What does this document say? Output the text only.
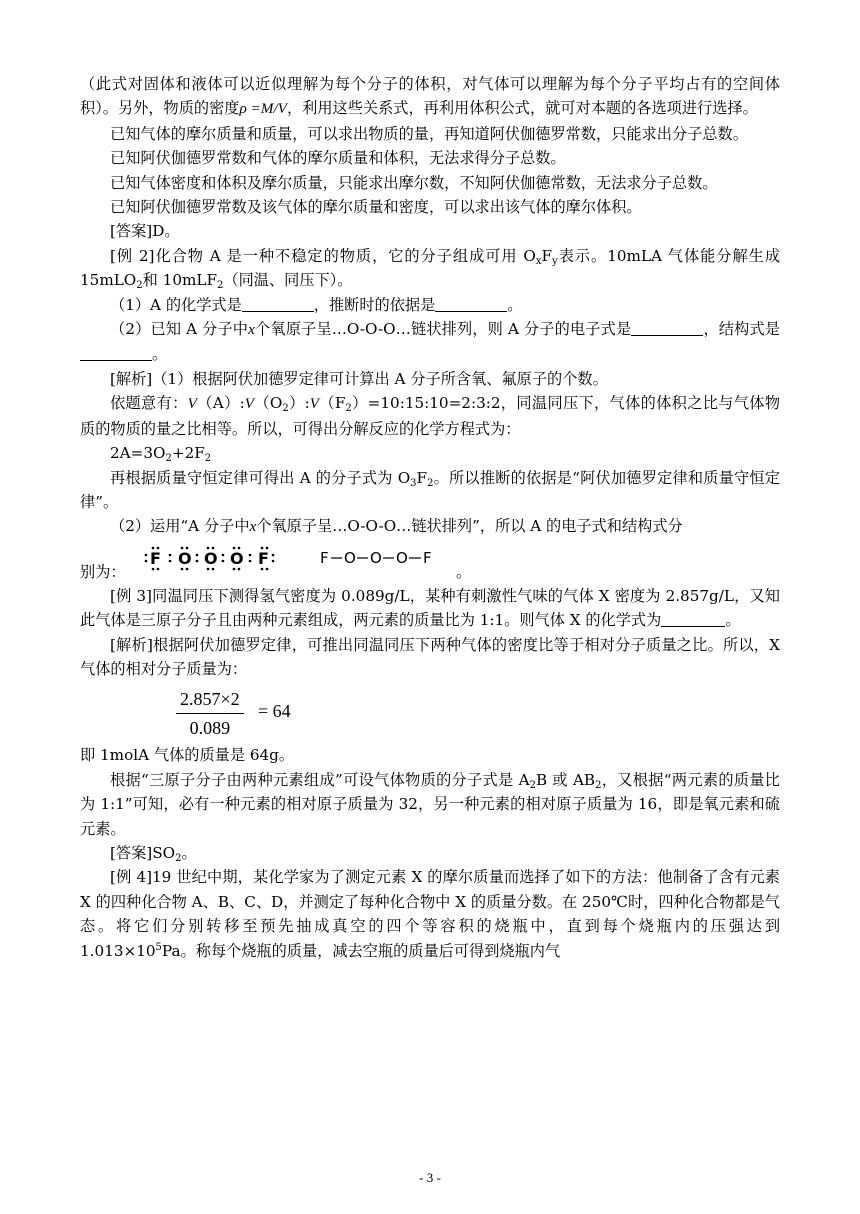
（此式对固体和液体可以近似理解为每个分子的体积，对气体可以理解为每个分子平均占有的空间体积）。另外，物质的密度ρ =M/V，利用这些关系式，再利用体积公式，就可对本题的各选项进行选择。

已知气体的摩尔质量和质量，可以求出物质的量，再知道阿伏伽德罗常数，只能求出分子总数。

已知阿伏伽德罗常数和气体的摩尔质量和体积，无法求得分子总数。

已知气体密度和体积及摩尔质量，只能求出摩尔数，不知阿伏伽德常数，无法求分子总数。

已知阿伏伽德罗常数及该气体的摩尔质量和密度，可以求出该气体的摩尔体积。

[答案]D。

[例 2]化合物 A 是一种不稳定的物质，它的分子组成可用 $O_xF_y$表示。10mLA 气体能分解生成 15mLO$_2$和 10mLF$_2$（同温、同压下）。

（1）A 的化学式是	，推断时的依据是	。

（2）已知 A 分子中x个氧原子呈…O-O-O…链状排列，则 A 分子的电子式是	，结构式是。

[解析]（1）根据阿伏加德罗定律可计算出 A 分子所含氧、氟原子的个数。

依题意有：$V(A):V(O_2):V(F_2)=10:15:10=2:3:2$，同温同压下，气体的体积之比与气体物质的物质的量之比相等。所以，可得出分解反应的化学方程式为：

$2A=3O_2+2F_2$

再根据质量守恒定律可得出 A 的分子式为 $O_3F_2$。所以推断的依据是“阿伏加德罗定律和质量守恒定律”。

（2）运用“A 分子中x个氧原子呈…O-O-O…链状排列”，所以 A 的电子式和结构式分

别为：
F O O O F	F O O O F
。

[例 3]同温同压下测得氢气密度为 0.089g/L，某种有刺激性气味的气体 X 密度为 2.857g/L，又知此气体是三原子分子且由两种元素组成，两元素的质量比为 1:1。则气体 X 的化学式为	。

[解析]根据阿伏加德罗定律，可推出同温同压下两种气体的密度比等于相对分子质量之比。所以，X 气体的相对分子质量为：

$\frac{2.857\times 2}{0.089} = 64$

即 1molA 气体的质量是 64g。

根据“三原子分子由两种元素组成”可设气体物质的分子式是 $A_2B$ 或 $AB_2$，又根据“两元素的质量比为 1:1”可知，必有一种元素的相对原子质量为 32，另一种元素的相对原子质量为 16，即是氧元素和硫元素。

[答案]$SO_2$。

[例 4]19 世纪中期，某化学家为了测定元素 X 的摩尔质量而选择了如下的方法：他制备了含有元素 X 的四种化合物 A、B、C、D，并测定了每种化合物中 X 的质量分数。在 250℃时，四种化合物都是气态。将它们分别转移至预先抽成真空的四个等容积的烧瓶中，直到每个烧瓶内的压强达到 $1.013\times 10^5Pa$。称每个烧瓶的质量，减去空瓶的质量后可得到烧瓶内气

- 3 -
